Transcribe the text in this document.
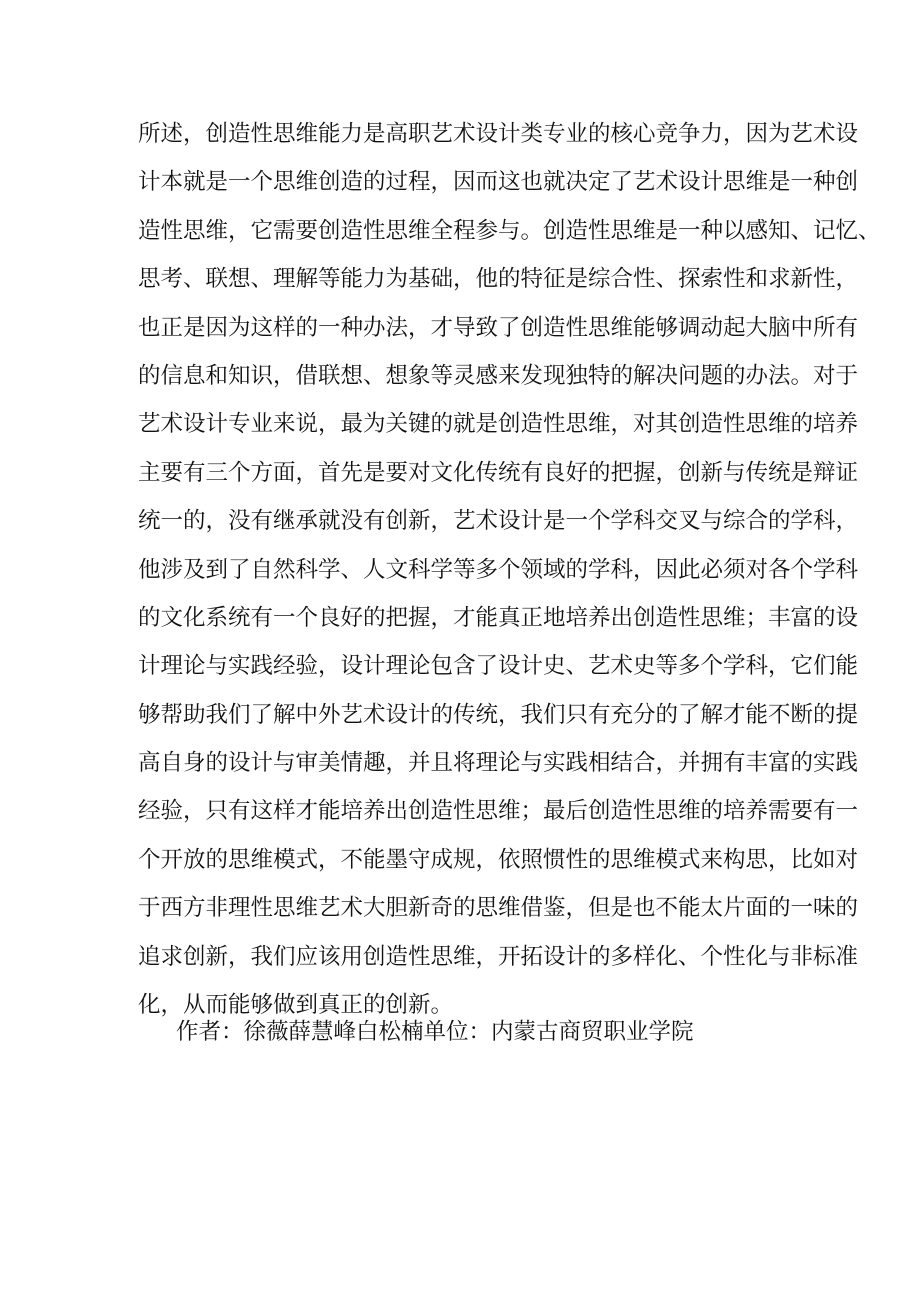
所述，创造性思维能力是高职艺术设计类专业的核心竞争力，因为艺术设
计本就是一个思维创造的过程，因而这也就决定了艺术设计思维是一种创
造性思维，它需要创造性思维全程参与。创造性思维是一种以感知、记忆、
思考、联想、理解等能力为基础，他的特征是综合性、探索性和求新性，
也正是因为这样的一种办法，才导致了创造性思维能够调动起大脑中所有
的信息和知识，借联想、想象等灵感来发现独特的解决问题的办法。对于
艺术设计专业来说，最为关键的就是创造性思维，对其创造性思维的培养
主要有三个方面，首先是要对文化传统有良好的把握，创新与传统是辩证
统一的，没有继承就没有创新，艺术设计是一个学科交叉与综合的学科，
他涉及到了自然科学、人文科学等多个领域的学科，因此必须对各个学科
的文化系统有一个良好的把握，才能真正地培养出创造性思维；丰富的设
计理论与实践经验，设计理论包含了设计史、艺术史等多个学科，它们能
够帮助我们了解中外艺术设计的传统，我们只有充分的了解才能不断的提
高自身的设计与审美情趣，并且将理论与实践相结合，并拥有丰富的实践
经验，只有这样才能培养出创造性思维；最后创造性思维的培养需要有一
个开放的思维模式，不能墨守成规，依照惯性的思维模式来构思，比如对
于西方非理性思维艺术大胆新奇的思维借鉴，但是也不能太片面的一味的
追求创新，我们应该用创造性思维，开拓设计的多样化、个性化与非标准
化，从而能够做到真正的创新。
作者：徐薇薛慧峰白松楠单位：内蒙古商贸职业学院
